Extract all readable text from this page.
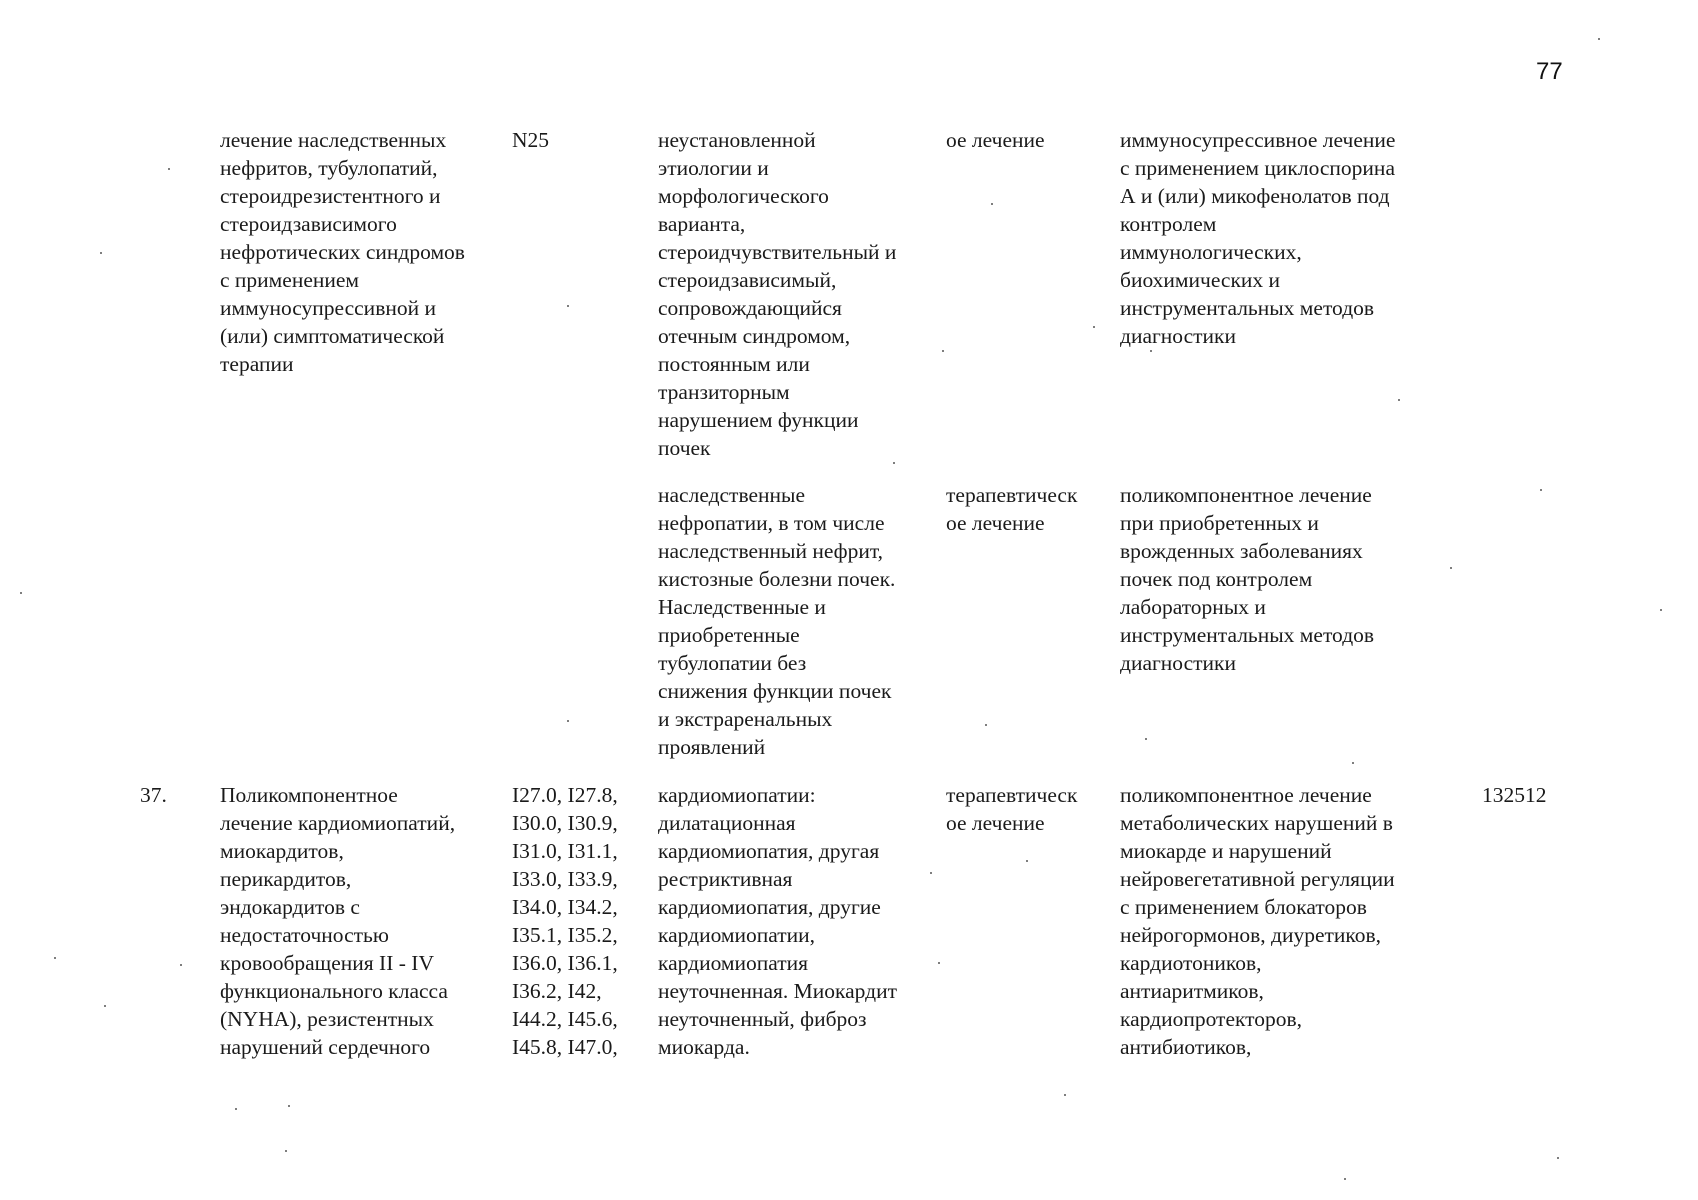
77

лечение наследственных
нефритов, тубулопатий,
стероидрезистентного и
стероидзависимого
нефротических синдромов
с применением
иммуносупрессивной и
(или) симптоматической
терапии

N25	неустановленной
этиологии и
морфологического
варианта,
стероидчувствительный и
стероидзависимый,
сопровождающийся
отечным синдромом,
постоянным или
транзиторным
нарушением функции
почек

ое лечение	иммуносупрессивное лечение
с применением циклоспорина
А и (или) микофенолатов под
контролем
иммунологических,
биохимических и
инструментальных методов
диагностики

наследственные
нефропатии, в том числе
наследственный нефрит,
кистозные болезни почек.
Наследственные и
приобретенные
тубулопатии без
снижения функции почек
и экстраренальных
проявлений

терапевтическ
ое лечение

поликомпонентное лечение
при приобретенных и
врожденных заболеваниях
почек под контролем
лабораторных и
инструментальных методов
диагностики

37. Поликомпонентное
лечение кардиомиопатий,
миокардитов,
перикардитов,
эндокардитов с
недостаточностью
кровообращения II - IV
функционального класса
(NYHA), резистентных
нарушений сердечного

I27.0, I27.8,
I30.0, I30.9,
I31.0, I31.1,
I33.0, I33.9,
I34.0, I34.2,
I35.1, I35.2,
I36.0, I36.1,
I36.2, I42,
I44.2, I45.6,
I45.8, I47.0,

кардиомиопатии:
дилатационная
кардиомиопатия, другая
рестриктивная
кардиомиопатия, другие
кардиомиопатии,
кардиомиопатия
неуточненная. Миокардит
неуточненный, фиброз
миокарда.

терапевтическ
ое лечение

поликомпонентное лечение
метаболических нарушений в
миокарде и нарушений
нейровегетативной регуляции
с применением блокаторов
нейрогормонов, диуретиков,
кардиотоников,
антиаритмиков,
кардиопротекторов,
антибиотиков,

132512
